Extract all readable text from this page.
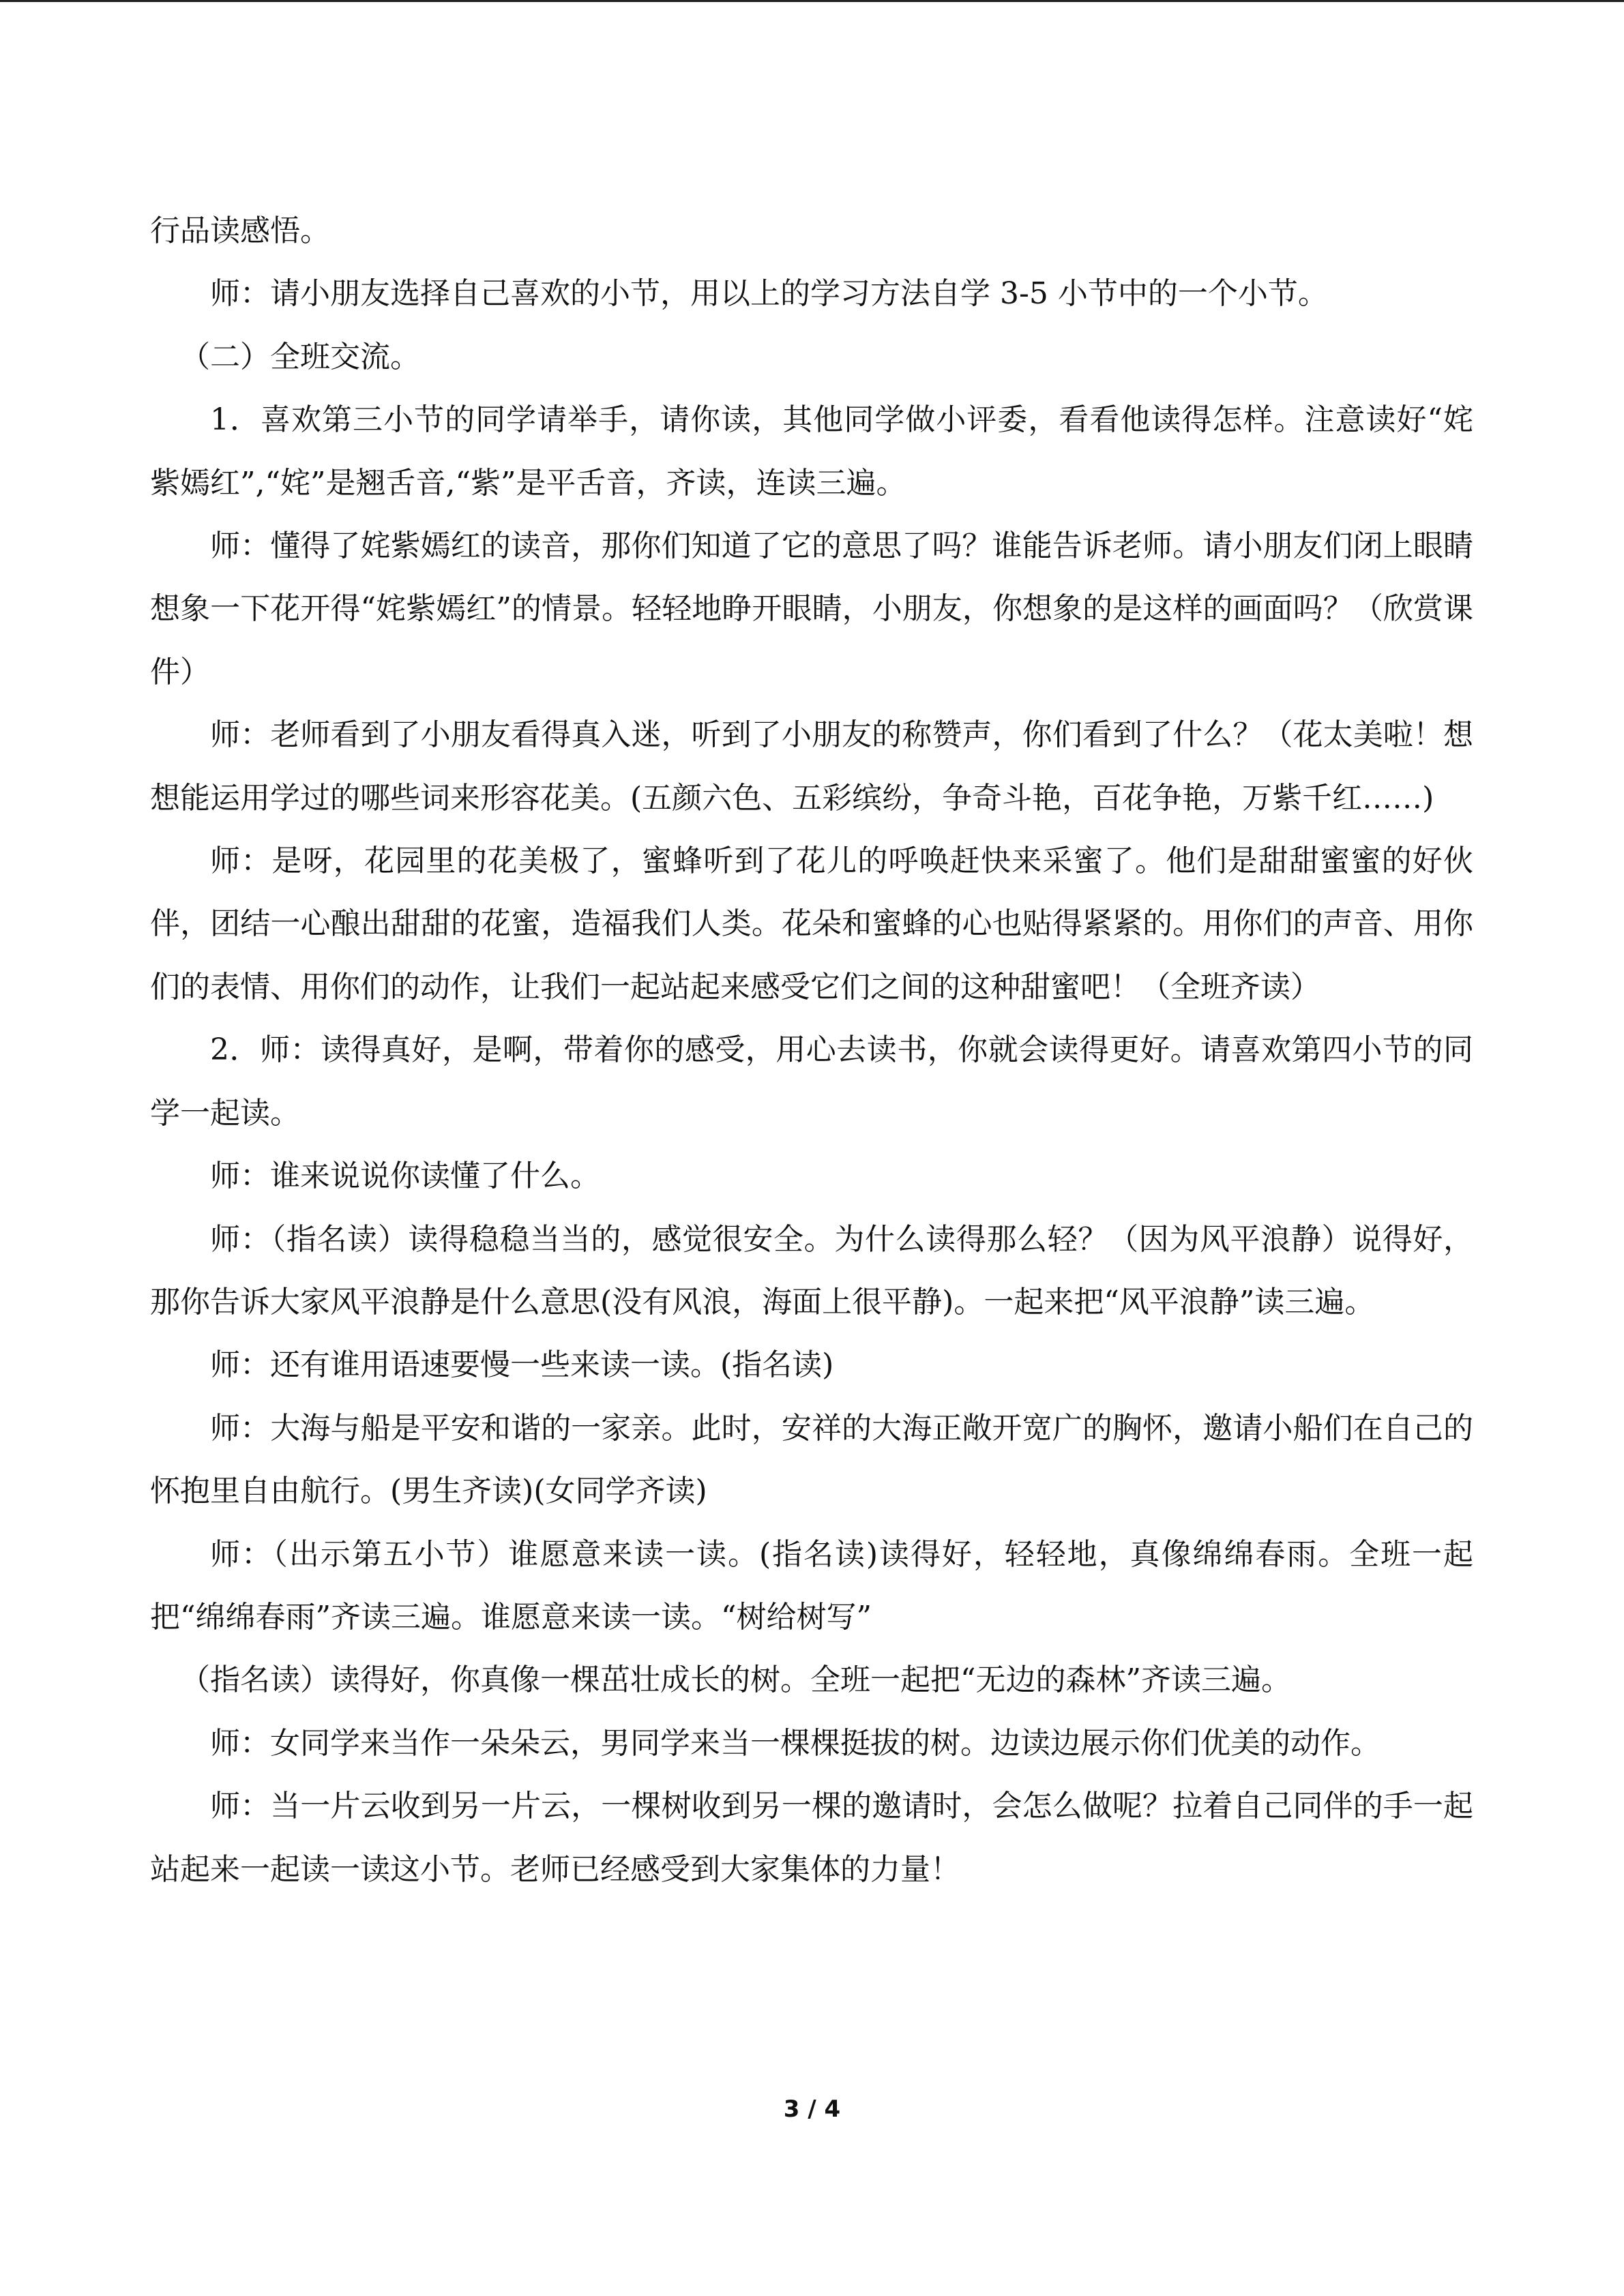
行品读感悟。

师：请小朋友选择自己喜欢的小节，用以上的学习方法自学 3-5 小节中的一个小节。

（二）全班交流。

1．喜欢第三小节的同学请举手，请你读，其他同学做小评委，看看他读得怎样。注意读好“姹紫嫣红”,“姹”是翘舌音,“紫”是平舌音，齐读，连读三遍。

师：懂得了姹紫嫣红的读音，那你们知道了它的意思了吗？谁能告诉老师。请小朋友们闭上眼睛想象一下花开得“姹紫嫣红”的情景。轻轻地睁开眼睛，小朋友，你想象的是这样的画面吗？（欣赏课件）

师：老师看到了小朋友看得真入迷，听到了小朋友的称赞声，你们看到了什么？（花太美啦！想想能运用学过的哪些词来形容花美。(五颜六色、五彩缤纷，争奇斗艳，百花争艳，万紫千红……)

师：是呀，花园里的花美极了，蜜蜂听到了花儿的呼唤赶快来采蜜了。他们是甜甜蜜蜜的好伙伴，团结一心酿出甜甜的花蜜，造福我们人类。花朵和蜜蜂的心也贴得紧紧的。用你们的声音、用你们的表情、用你们的动作，让我们一起站起来感受它们之间的这种甜蜜吧！（全班齐读）

2．师：读得真好，是啊，带着你的感受，用心去读书，你就会读得更好。请喜欢第四小节的同学一起读。

师：谁来说说你读懂了什么。

师：（指名读）读得稳稳当当的，感觉很安全。为什么读得那么轻？（因为风平浪静）说得好，那你告诉大家风平浪静是什么意思(没有风浪，海面上很平静)。一起来把“风平浪静”读三遍。

师：还有谁用语速要慢一些来读一读。(指名读)

师：大海与船是平安和谐的一家亲。此时，安祥的大海正敞开宽广的胸怀，邀请小船们在自己的怀抱里自由航行。(男生齐读)(女同学齐读)

师：（出示第五小节）谁愿意来读一读。(指名读)读得好，轻轻地，真像绵绵春雨。全班一起把“绵绵春雨”齐读三遍。谁愿意来读一读。“树给树写”

（指名读）读得好，你真像一棵茁壮成长的树。全班一起把“无边的森林”齐读三遍。

师：女同学来当作一朵朵云，男同学来当一棵棵挺拔的树。边读边展示你们优美的动作。

师：当一片云收到另一片云，一棵树收到另一棵的邀请时，会怎么做呢？拉着自己同伴的手一起站起来一起读一读这小节。老师已经感受到大家集体的力量！

3 / 4
